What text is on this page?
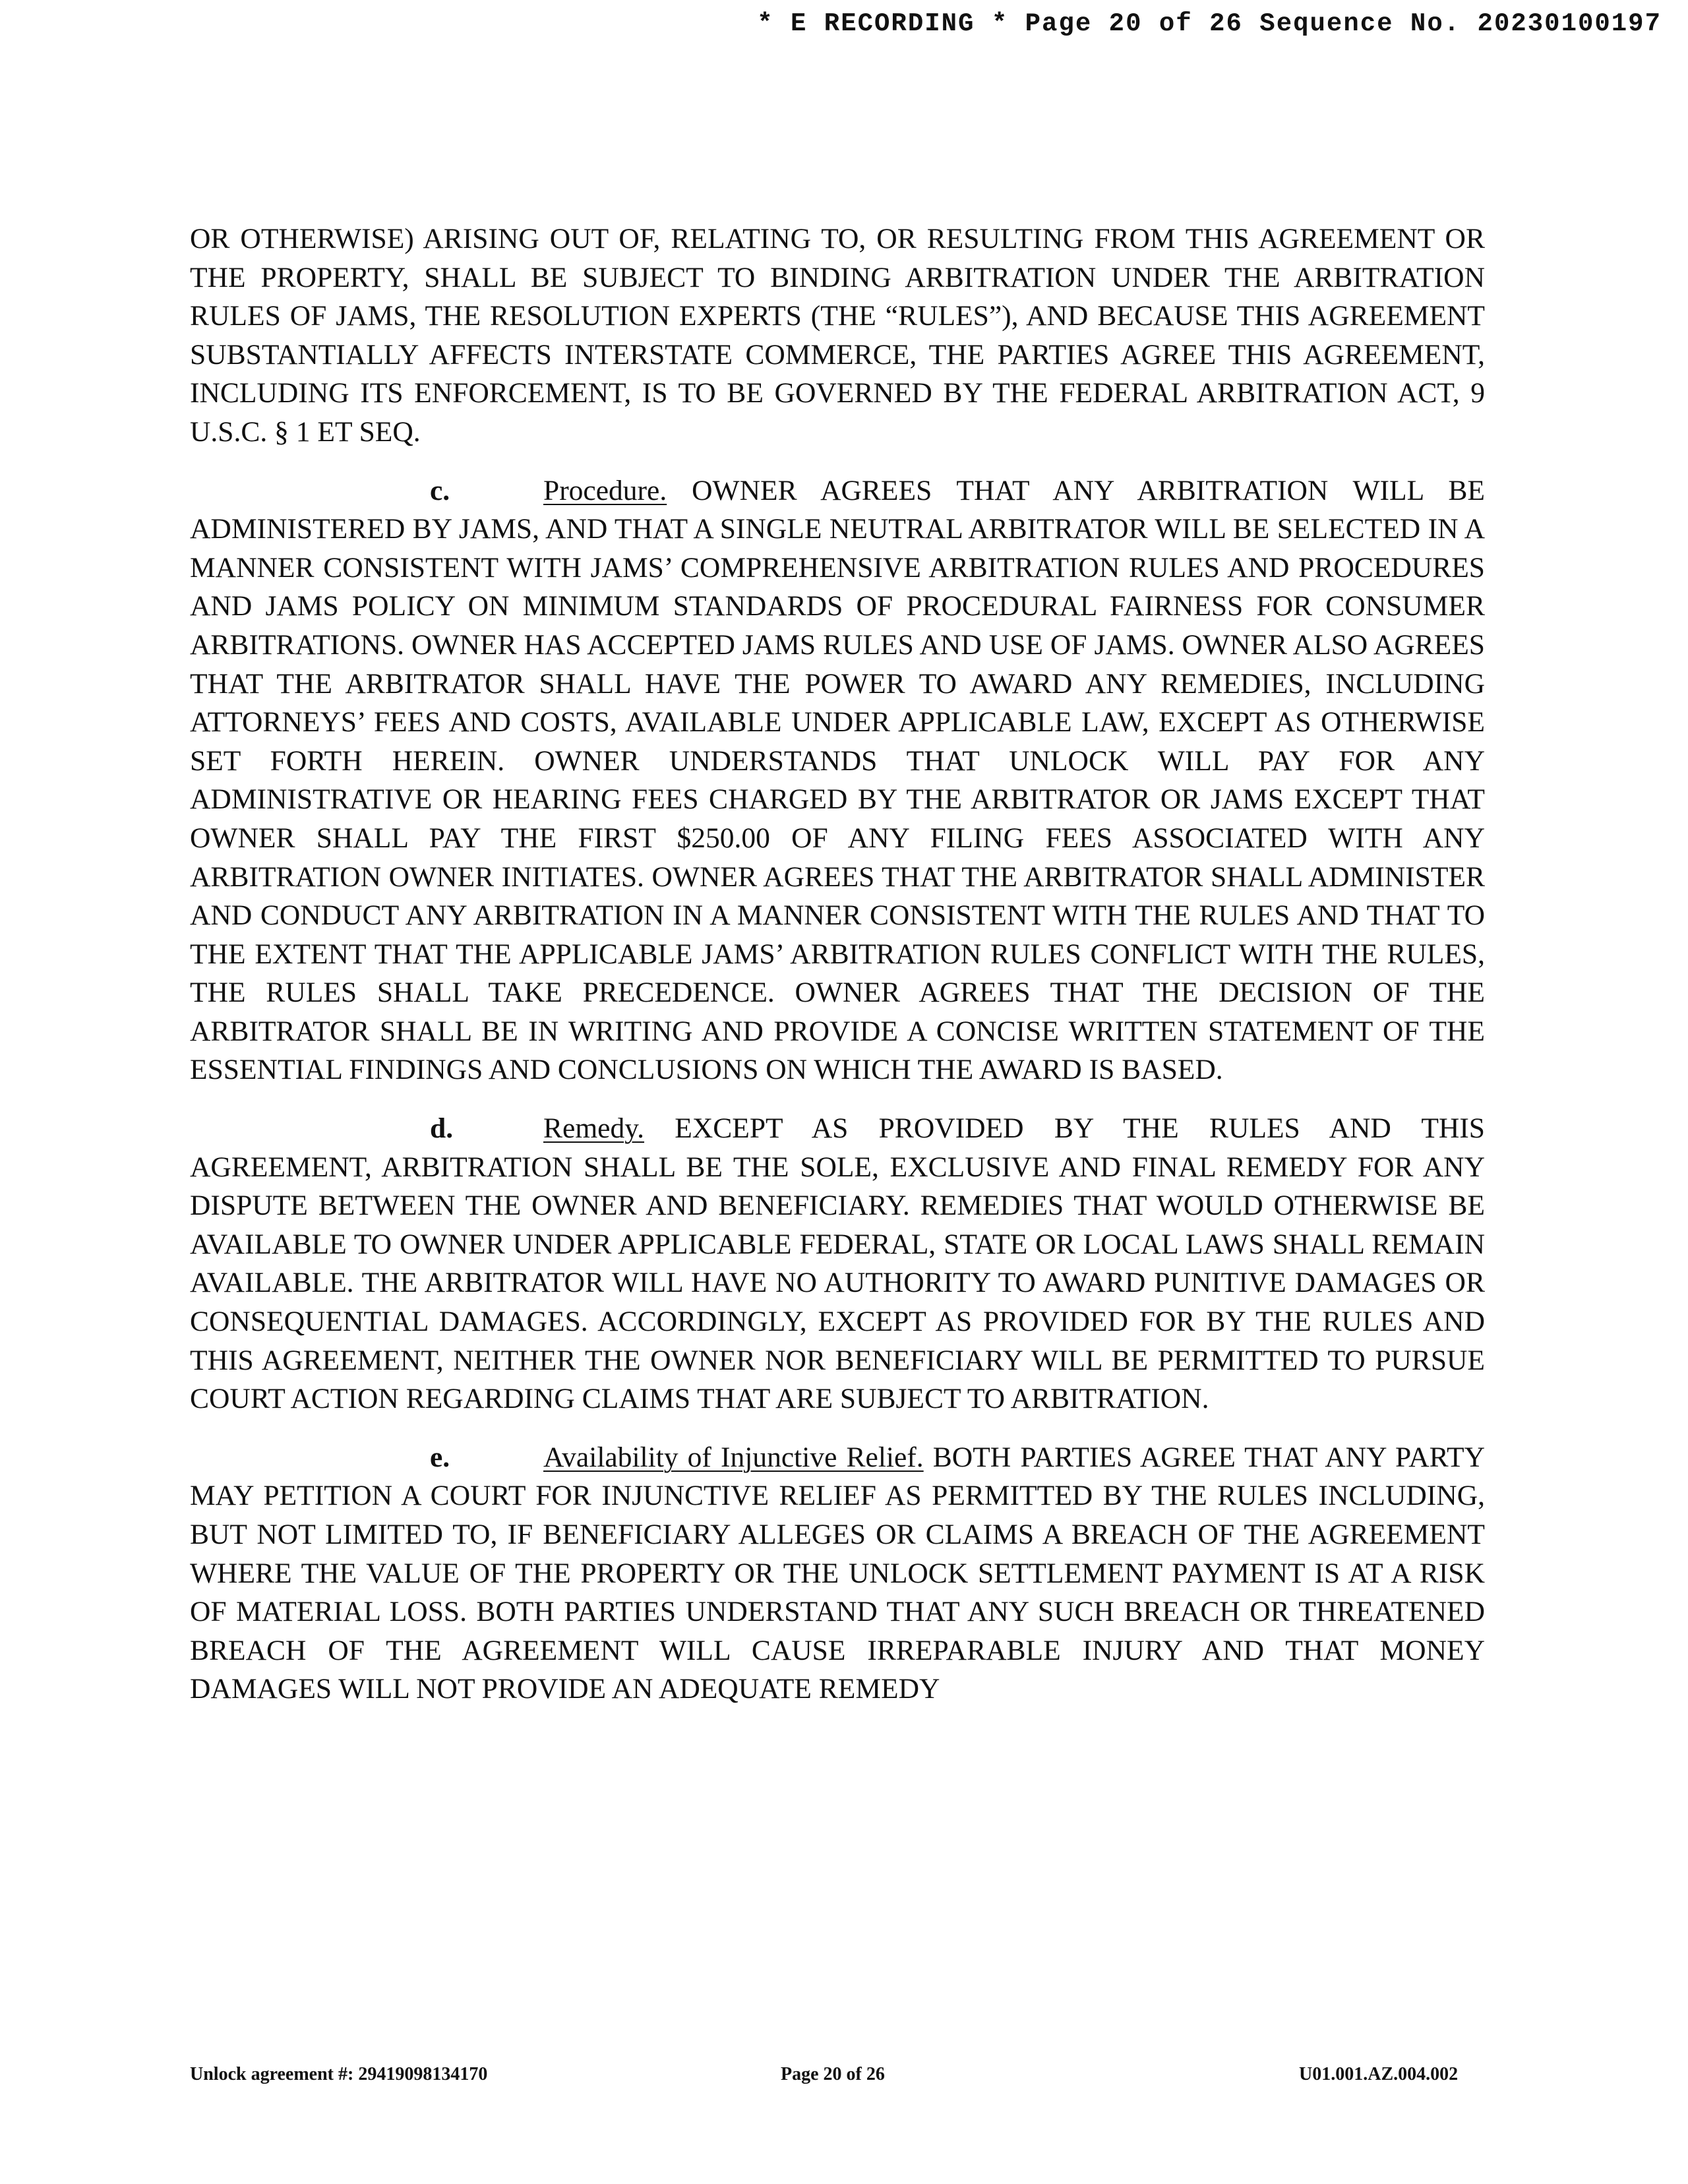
* E RECORDING * Page 20 of 26 Sequence No. 20230100197

OR OTHERWISE) ARISING OUT OF, RELATING TO, OR RESULTING FROM THIS AGREEMENT OR THE PROPERTY, SHALL BE SUBJECT TO BINDING ARBITRATION UNDER THE ARBITRATION RULES OF JAMS, THE RESOLUTION EXPERTS (THE “RULES”), AND BECAUSE THIS AGREEMENT SUBSTANTIALLY AFFECTS INTERSTATE COMMERCE, THE PARTIES AGREE THIS AGREEMENT, INCLUDING ITS ENFORCEMENT, IS TO BE GOVERNED BY THE FEDERAL ARBITRATION ACT, 9 U.S.C. § 1 ET SEQ.

c.	Procedure. OWNER AGREES THAT ANY ARBITRATION WILL BE ADMINISTERED BY JAMS, AND THAT A SINGLE NEUTRAL ARBITRATOR WILL BE SELECTED IN A MANNER CONSISTENT WITH JAMS’ COMPREHENSIVE ARBITRATION RULES AND PROCEDURES AND JAMS POLICY ON MINIMUM STANDARDS OF PROCEDURAL FAIRNESS FOR CONSUMER ARBITRATIONS. OWNER HAS ACCEPTED JAMS RULES AND USE OF JAMS. OWNER ALSO AGREES THAT THE ARBITRATOR SHALL HAVE THE POWER TO AWARD ANY REMEDIES, INCLUDING ATTORNEYS’ FEES AND COSTS, AVAILABLE UNDER APPLICABLE LAW, EXCEPT AS OTHERWISE SET FORTH HEREIN. OWNER UNDERSTANDS THAT UNLOCK WILL PAY FOR ANY ADMINISTRATIVE OR HEARING FEES CHARGED BY THE ARBITRATOR OR JAMS EXCEPT THAT OWNER SHALL PAY THE FIRST $250.00 OF ANY FILING FEES ASSOCIATED WITH ANY ARBITRATION OWNER INITIATES. OWNER AGREES THAT THE ARBITRATOR SHALL ADMINISTER AND CONDUCT ANY ARBITRATION IN A MANNER CONSISTENT WITH THE RULES AND THAT TO THE EXTENT THAT THE APPLICABLE JAMS’ ARBITRATION RULES CONFLICT WITH THE RULES, THE RULES SHALL TAKE PRECEDENCE. OWNER AGREES THAT THE DECISION OF THE ARBITRATOR SHALL BE IN WRITING AND PROVIDE A CONCISE WRITTEN STATEMENT OF THE ESSENTIAL FINDINGS AND CONCLUSIONS ON WHICH THE AWARD IS BASED.

d.	Remedy. EXCEPT AS PROVIDED BY THE RULES AND THIS AGREEMENT, ARBITRATION SHALL BE THE SOLE, EXCLUSIVE AND FINAL REMEDY FOR ANY DISPUTE BETWEEN THE OWNER AND BENEFICIARY. REMEDIES THAT WOULD OTHERWISE BE AVAILABLE TO OWNER UNDER APPLICABLE FEDERAL, STATE OR LOCAL LAWS SHALL REMAIN AVAILABLE. THE ARBITRATOR WILL HAVE NO AUTHORITY TO AWARD PUNITIVE DAMAGES OR CONSEQUENTIAL DAMAGES. ACCORDINGLY, EXCEPT AS PROVIDED FOR BY THE RULES AND THIS AGREEMENT, NEITHER THE OWNER NOR BENEFICIARY WILL BE PERMITTED TO PURSUE COURT ACTION REGARDING CLAIMS THAT ARE SUBJECT TO ARBITRATION.

e.	Availability of Injunctive Relief. BOTH PARTIES AGREE THAT ANY PARTY MAY PETITION A COURT FOR INJUNCTIVE RELIEF AS PERMITTED BY THE RULES INCLUDING, BUT NOT LIMITED TO, IF BENEFICIARY ALLEGES OR CLAIMS A BREACH OF THE AGREEMENT WHERE THE VALUE OF THE PROPERTY OR THE UNLOCK SETTLEMENT PAYMENT IS AT A RISK OF MATERIAL LOSS. BOTH PARTIES UNDERSTAND THAT ANY SUCH BREACH OR THREATENED BREACH OF THE AGREEMENT WILL CAUSE IRREPARABLE INJURY AND THAT MONEY DAMAGES WILL NOT PROVIDE AN ADEQUATE REMEDY

Unlock agreement #: 29419098134170	Page 20 of 26	U01.001.AZ.004.002
